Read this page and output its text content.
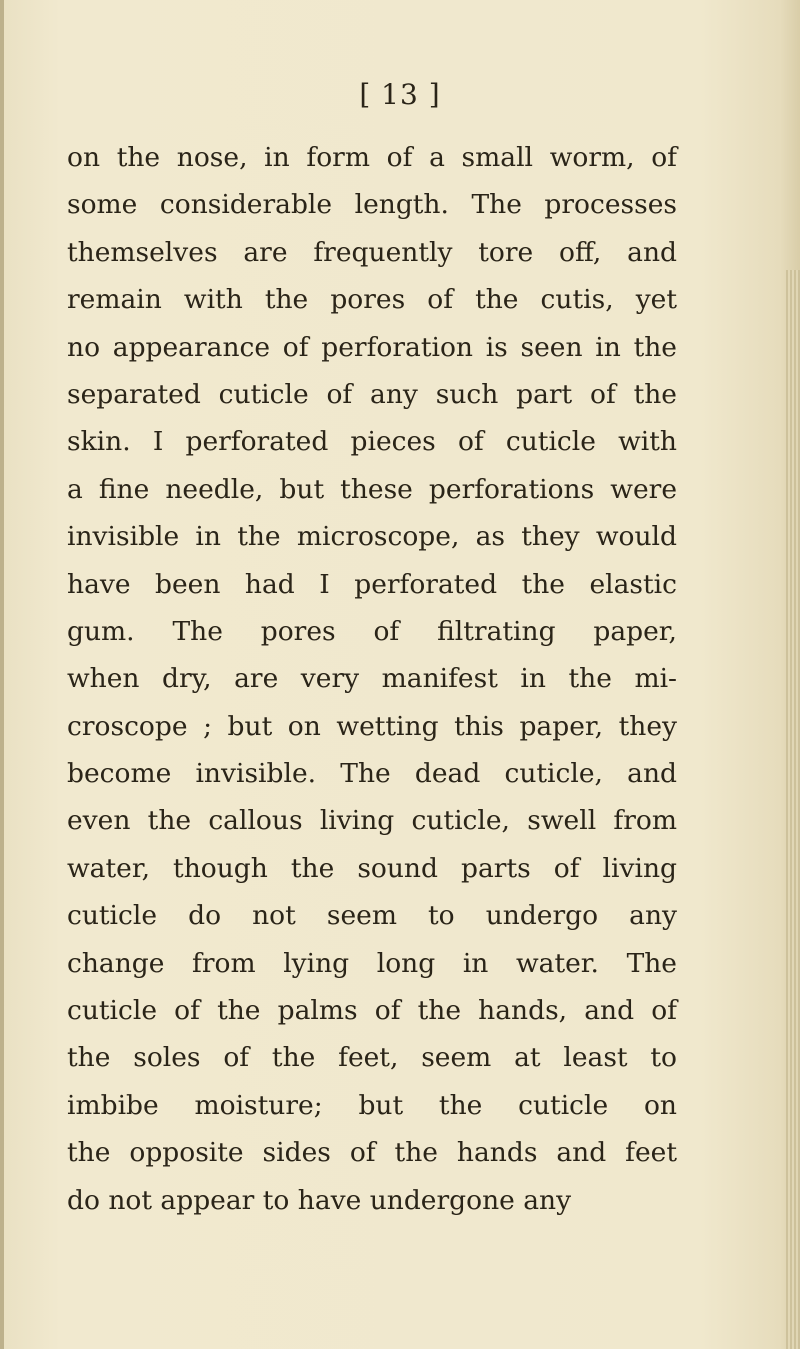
[ 13 ]
on the nose, in form of a small worm, of
some considerable length. The processes
themselves are frequently tore off, and
remain with the pores of the cutis, yet
no appearance of perforation is seen in the
separated cuticle of any such part of the
skin. I perforated pieces of cuticle with
a fine needle, but these perforations were
invisible in the microscope, as they would
have been had I perforated the elastic
gum. The pores of filtrating paper,
when dry, are very manifest in the mi-
croscope ; but on wetting this paper, they
become invisible. The dead cuticle, and
even the callous living cuticle, swell from
water, though the sound parts of living
cuticle do not seem to undergo any
change from lying long in water. The
cuticle of the palms of the hands, and of
the soles of the feet, seem at least to
imbibe moisture; but the cuticle on
the opposite sides of the hands and feet
do not appear to have undergone any
